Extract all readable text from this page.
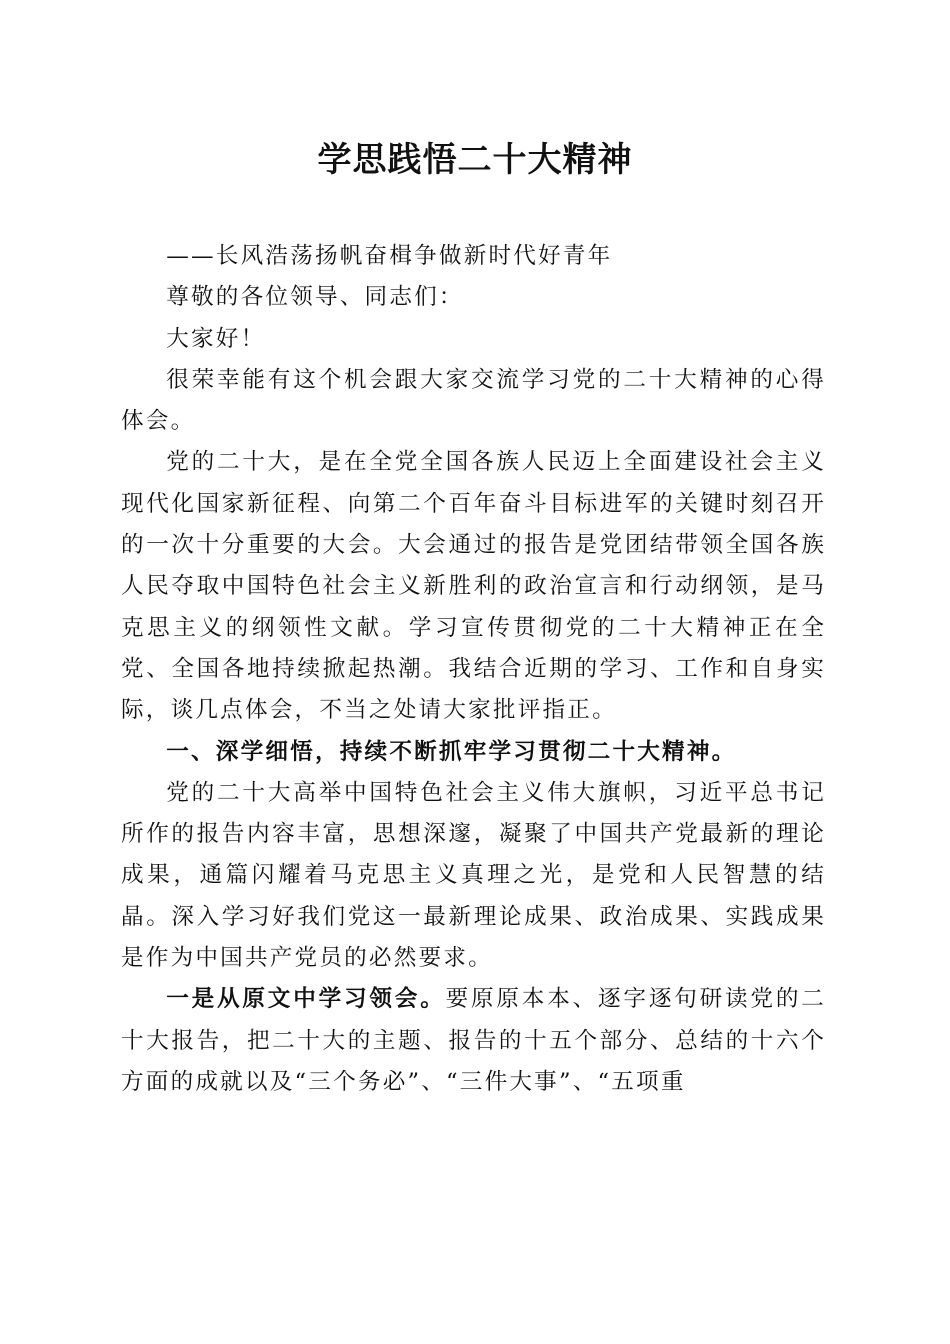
学思践悟二十大精神

——长风浩荡扬帆奋楫争做新时代好青年

尊敬的各位领导、同志们：

大家好！

很荣幸能有这个机会跟大家交流学习党的二十大精神的心得体会。

党的二十大，是在全党全国各族人民迈上全面建设社会主义现代化国家新征程、向第二个百年奋斗目标进军的关键时刻召开的一次十分重要的大会。大会通过的报告是党团结带领全国各族人民夺取中国特色社会主义新胜利的政治宣言和行动纲领，是马克思主义的纲领性文献。学习宣传贯彻党的二十大精神正在全党、全国各地持续掀起热潮。我结合近期的学习、工作和自身实际，谈几点体会，不当之处请大家批评指正。

一、深学细悟，持续不断抓牢学习贯彻二十大精神。

党的二十大高举中国特色社会主义伟大旗帜，习近平总书记所作的报告内容丰富，思想深邃，凝聚了中国共产党最新的理论成果，通篇闪耀着马克思主义真理之光，是党和人民智慧的结晶。深入学习好我们党这一最新理论成果、政治成果、实践成果是作为中国共产党员的必然要求。

一是从原文中学习领会。要原原本本、逐字逐句研读党的二十大报告，把二十大的主题、报告的十五个部分、总结的十六个方面的成就以及“三个务必”、“三件大事”、“五项重
